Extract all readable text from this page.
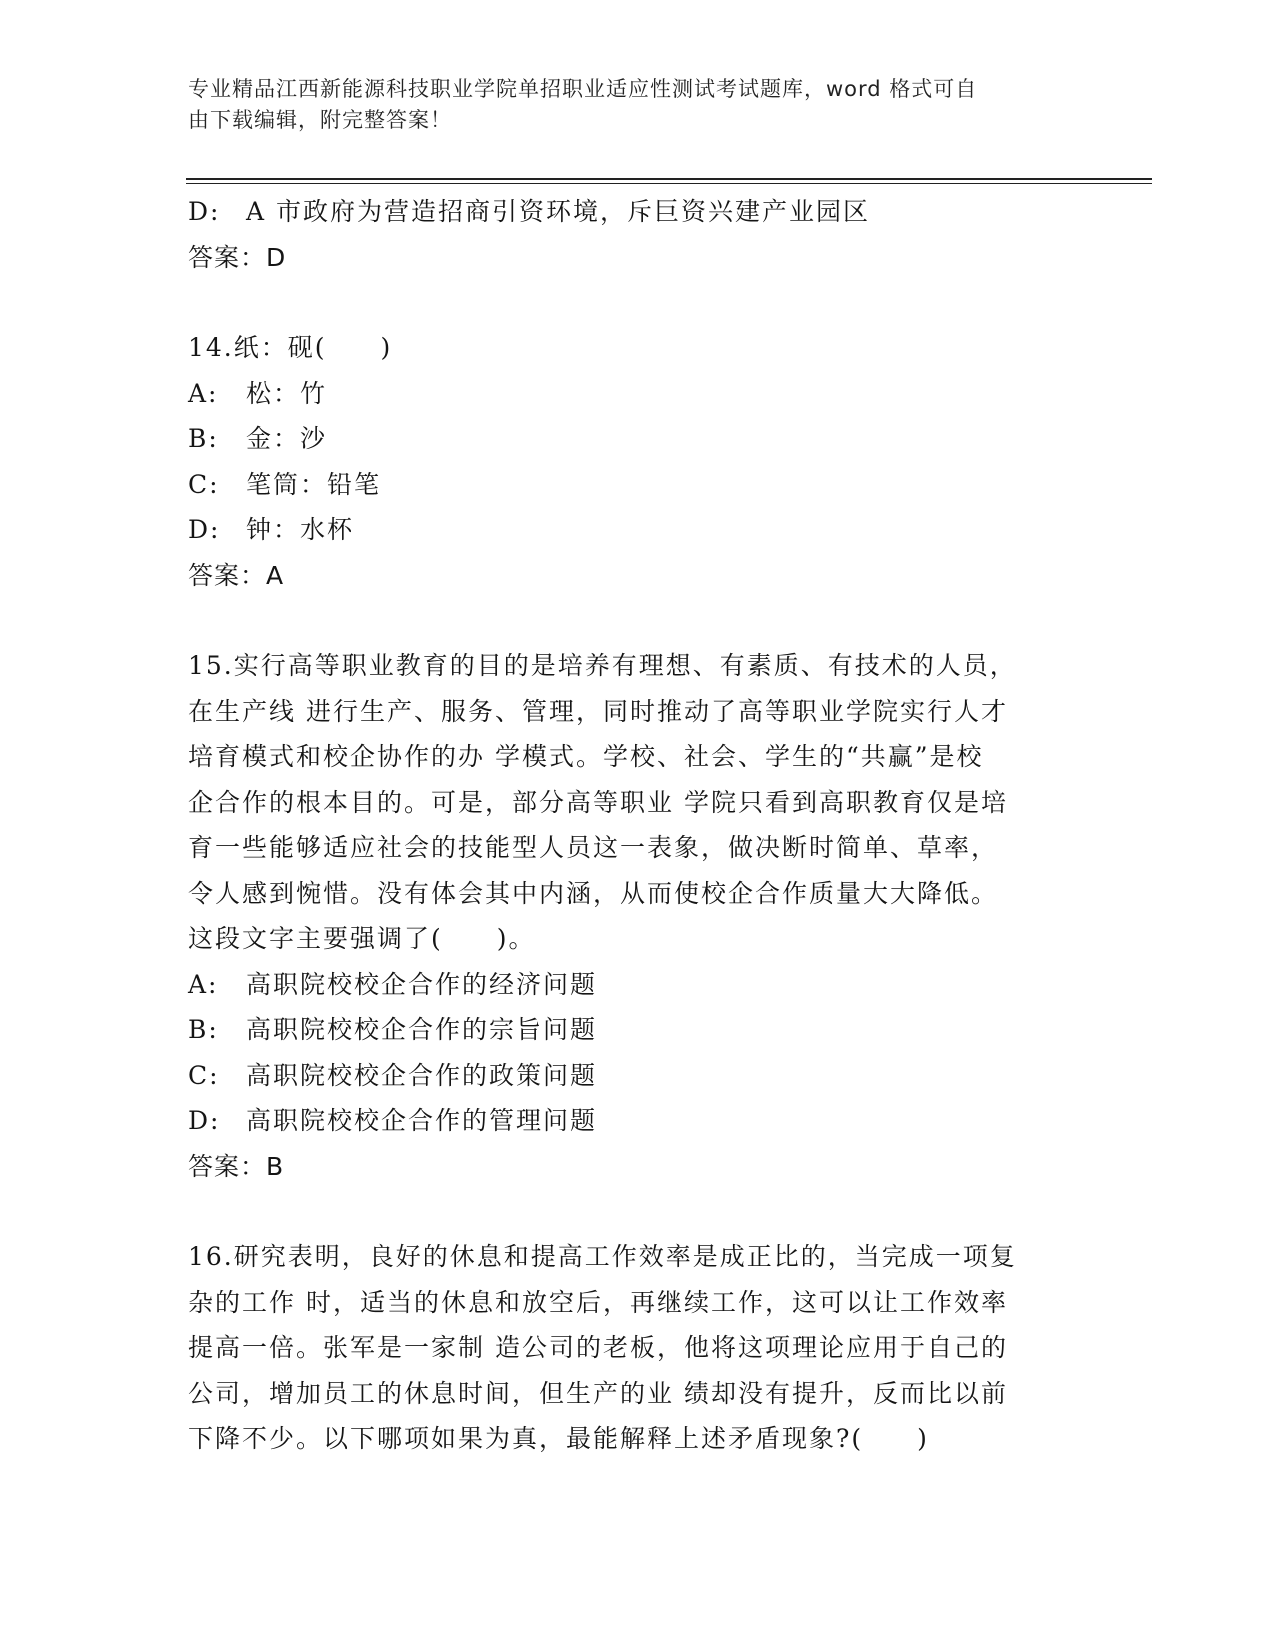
专业精品江西新能源科技职业学院单招职业适应性测试考试题库，word 格式可自
由下载编辑，附完整答案！
D: A 市政府为营造招商引资环境，斥巨资兴建产业园区
答案：D
14.纸：砚(　　)
A: 松：竹
B: 金：沙
C: 笔筒：铅笔
D: 钟：水杯
答案：A
15.实行高等职业教育的目的是培养有理想、有素质、有技术的人员，
在生产线 进行生产、服务、管理，同时推动了高等职业学院实行人才
培育模式和校企协作的办 学模式。学校、社会、学生的“共赢”是校
企合作的根本目的。可是，部分高等职业 学院只看到高职教育仅是培
育一些能够适应社会的技能型人员这一表象，做决断时简单、草率，
令人感到惋惜。没有体会其中内涵，从而使校企合作质量大大降低。
这段文字主要强调了(　　)。
A: 高职院校校企合作的经济问题
B: 高职院校校企合作的宗旨问题
C: 高职院校校企合作的政策问题
D: 高职院校校企合作的管理问题
答案：B
16.研究表明，良好的休息和提高工作效率是成正比的，当完成一项复
杂的工作 时，适当的休息和放空后，再继续工作，这可以让工作效率
提高一倍。张军是一家制 造公司的老板，他将这项理论应用于自己的
公司，增加员工的休息时间，但生产的业 绩却没有提升，反而比以前
下降不少。以下哪项如果为真，最能解释上述矛盾现象?(　　)
